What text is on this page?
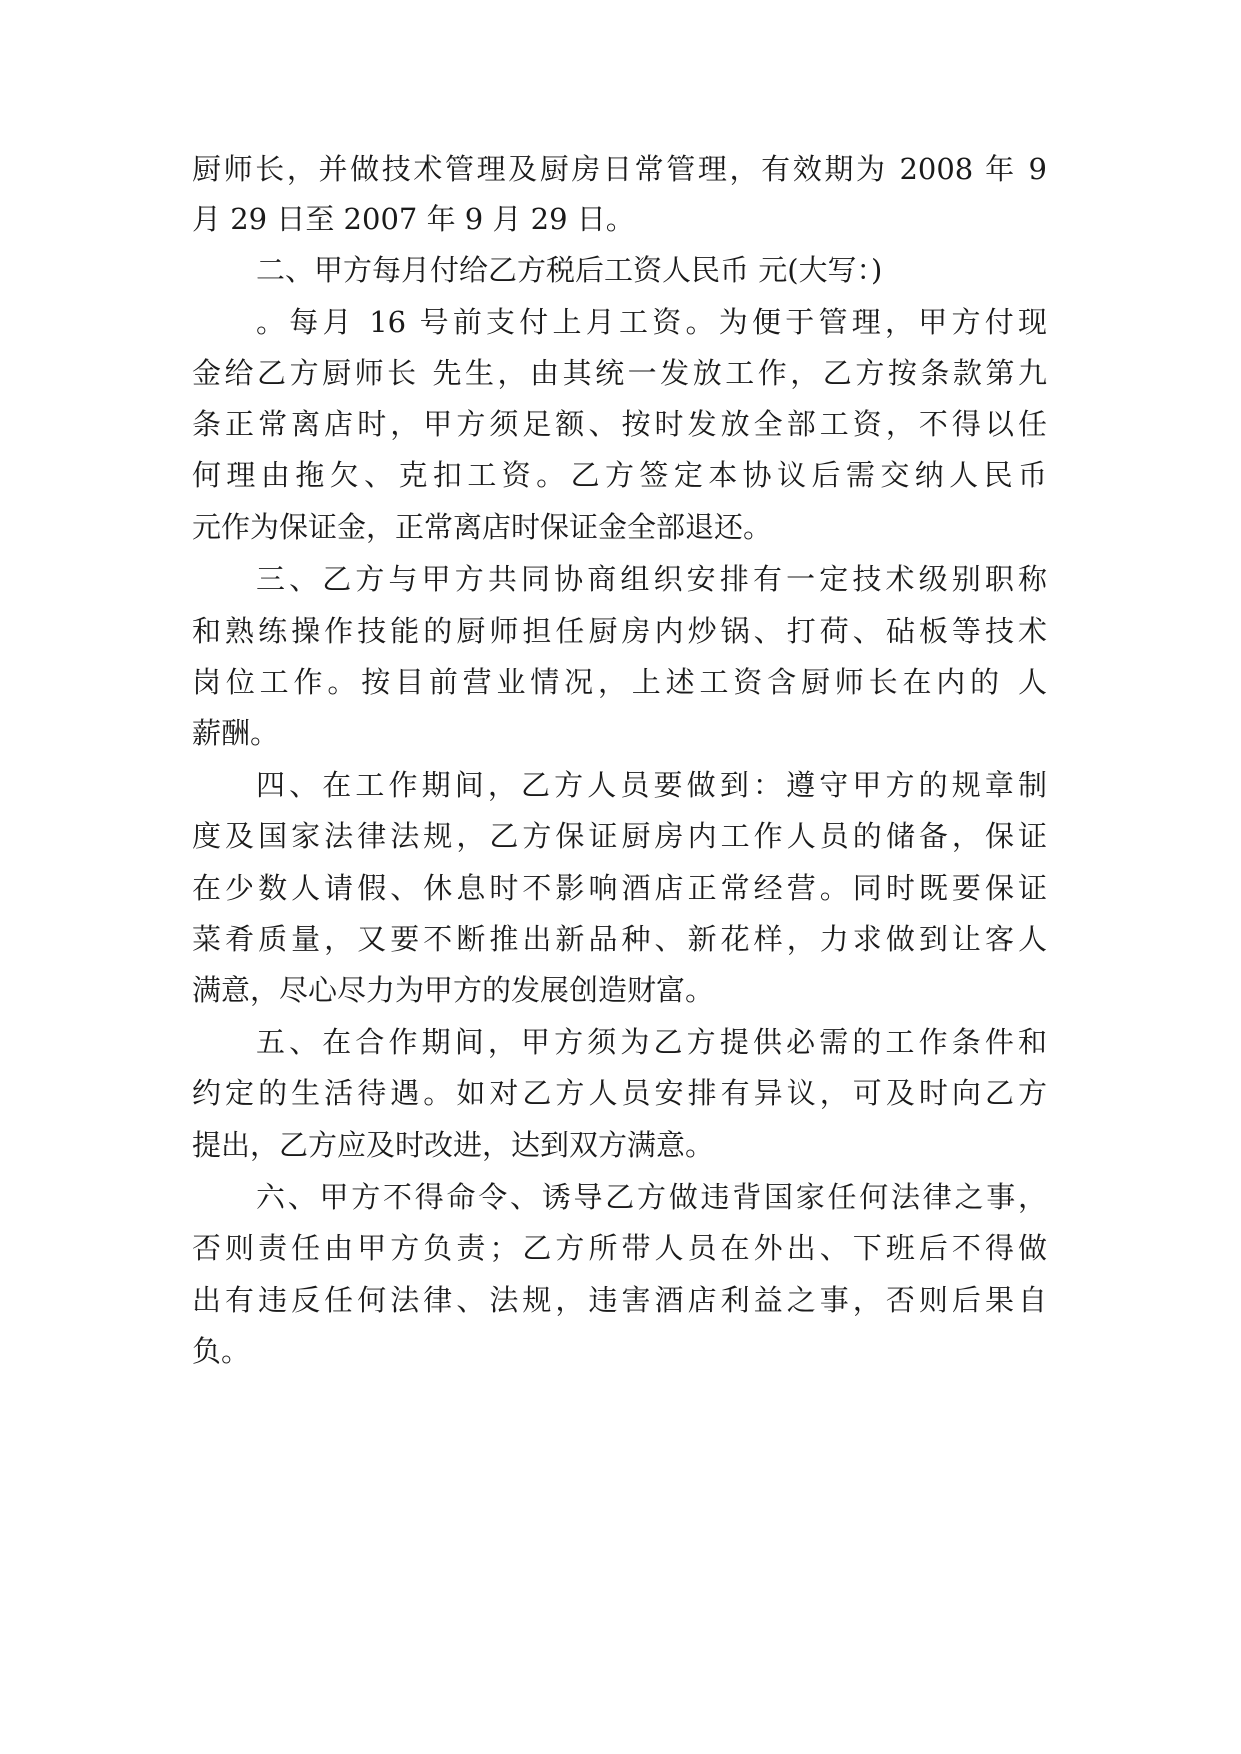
厨师长，并做技术管理及厨房日常管理，有效期为 2008 年 9
月 29 日至 2007 年 9 月 29 日。
二、甲方每月付给乙方税后工资人民币 元(大写：)
。每月 16 号前支付上月工资。为便于管理，甲方付现
金给乙方厨师长 先生，由其统一发放工作，乙方按条款第九
条正常离店时，甲方须足额、按时发放全部工资，不得以任
何理由拖欠、克扣工资。乙方签定本协议后需交纳人民币
元作为保证金，正常离店时保证金全部退还。
三、乙方与甲方共同协商组织安排有一定技术级别职称
和熟练操作技能的厨师担任厨房内炒锅、打荷、砧板等技术
岗位工作。按目前营业情况，上述工资含厨师长在内的 人
薪酬。
四、在工作期间，乙方人员要做到：遵守甲方的规章制
度及国家法律法规，乙方保证厨房内工作人员的储备，保证
在少数人请假、休息时不影响酒店正常经营。同时既要保证
菜肴质量，又要不断推出新品种、新花样，力求做到让客人
满意，尽心尽力为甲方的发展创造财富。
五、在合作期间，甲方须为乙方提供必需的工作条件和
约定的生活待遇。如对乙方人员安排有异议，可及时向乙方
提出，乙方应及时改进，达到双方满意。
六、甲方不得命令、诱导乙方做违背国家任何法律之事，
否则责任由甲方负责；乙方所带人员在外出、下班后不得做
出有违反任何法律、法规，违害酒店利益之事，否则后果自
负。
